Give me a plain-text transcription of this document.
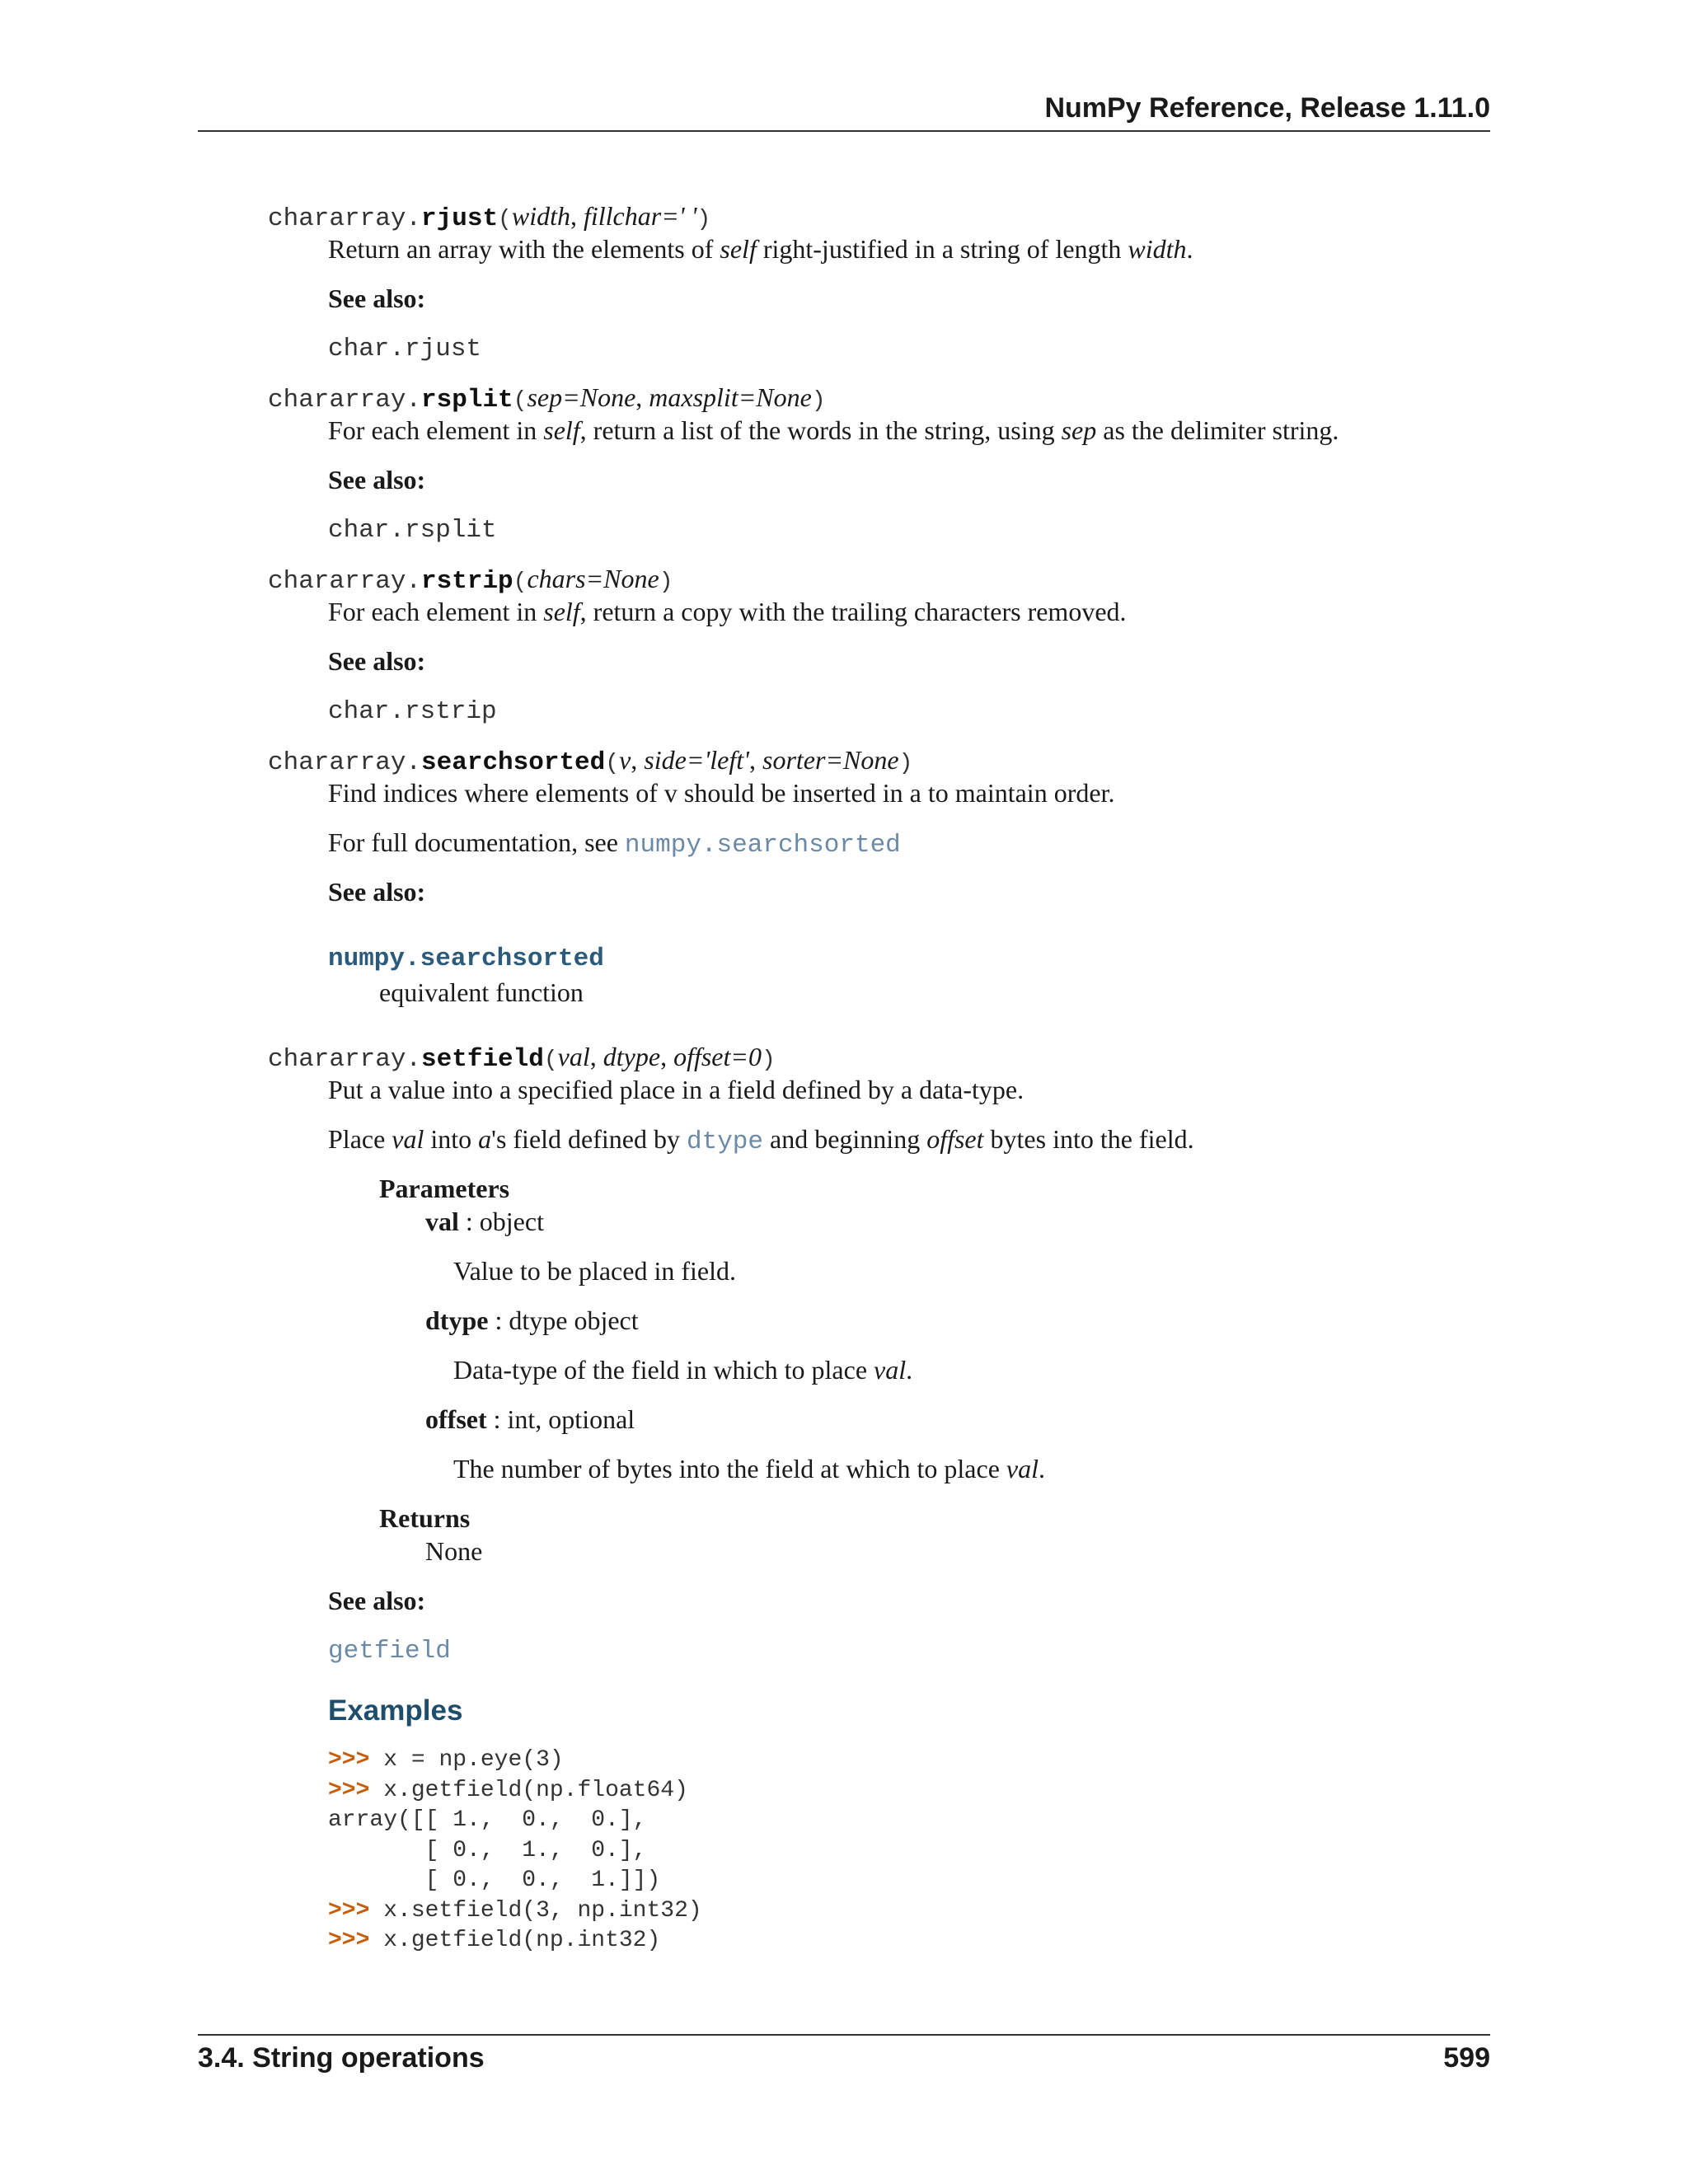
NumPy Reference, Release 1.11.0
chararray.rjust(width, fillchar=' ')
Return an array with the elements of self right-justified in a string of length width.
See also:
char.rjust
chararray.rsplit(sep=None, maxsplit=None)
For each element in self, return a list of the words in the string, using sep as the delimiter string.
See also:
char.rsplit
chararray.rstrip(chars=None)
For each element in self, return a copy with the trailing characters removed.
See also:
char.rstrip
chararray.searchsorted(v, side='left', sorter=None)
Find indices where elements of v should be inserted in a to maintain order.
For full documentation, see numpy.searchsorted
See also:
numpy.searchsorted
equivalent function
chararray.setfield(val, dtype, offset=0)
Put a value into a specified place in a field defined by a data-type.
Place val into a's field defined by dtype and beginning offset bytes into the field.
Parameters
val : object
Value to be placed in field.
dtype : dtype object
Data-type of the field in which to place val.
offset : int, optional
The number of bytes into the field at which to place val.
Returns
None
See also:
getfield
Examples
>>> x = np.eye(3)
>>> x.getfield(np.float64)
array([[ 1.,  0.,  0.],
[ 0.,  1.,  0.],
[ 0.,  0.,  1.]])
>>> x.setfield(3, np.int32)
>>> x.getfield(np.int32)
3.4. String operations	599
